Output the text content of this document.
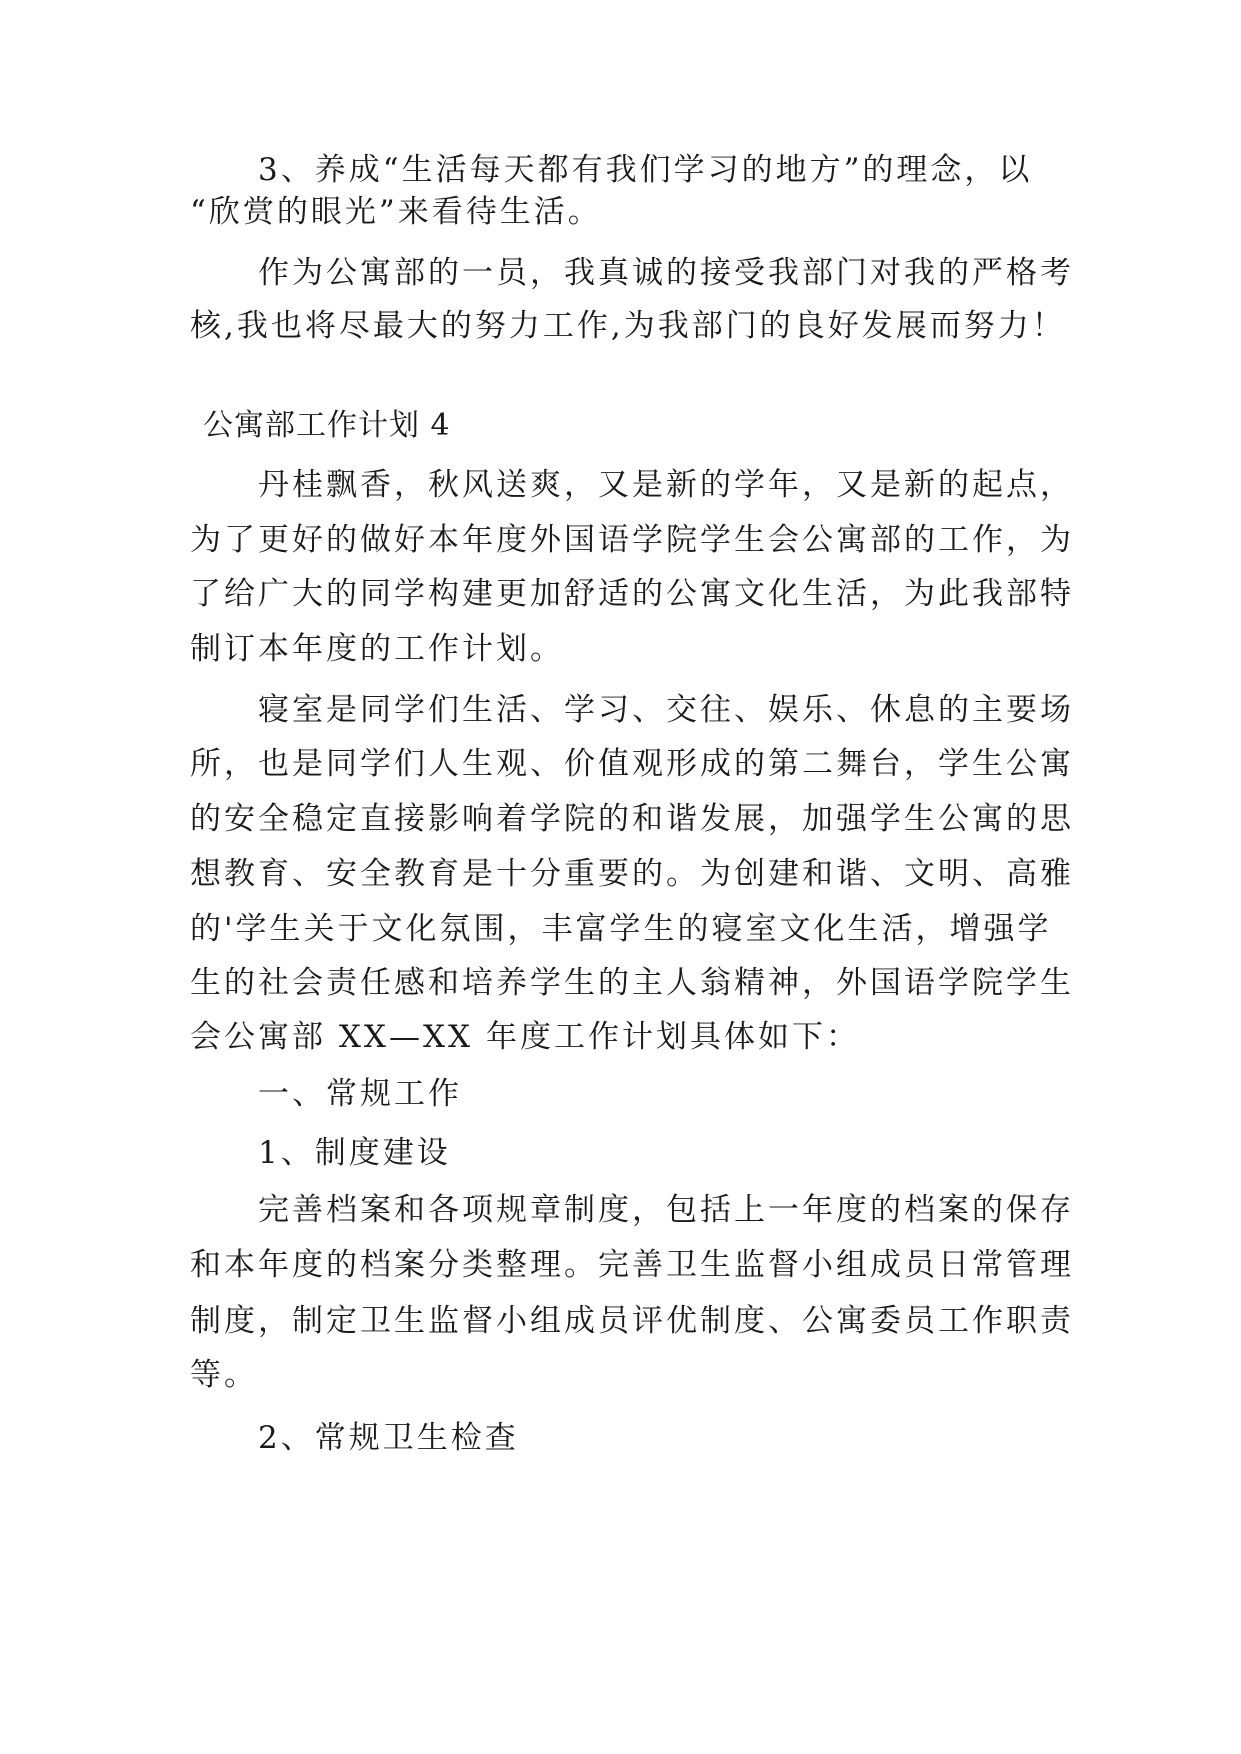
　　3、养成“生活每天都有我们学习的地方”的理念，以
“欣赏的眼光”来看待生活。
　　作为公寓部的一员，我真诚的接受我部门对我的严格考
核,我也将尽最大的努力工作,为我部门的良好发展而努力！
公寓部工作计划 4
　　丹桂飘香，秋风送爽，又是新的学年，又是新的起点，
为了更好的做好本年度外国语学院学生会公寓部的工作，为
了给广大的同学构建更加舒适的公寓文化生活，为此我部特
制订本年度的工作计划。
　　寝室是同学们生活、学习、交往、娱乐、休息的主要场
所，也是同学们人生观、价值观形成的第二舞台，学生公寓
的安全稳定直接影响着学院的和谐发展，加强学生公寓的思
想教育、安全教育是十分重要的。为创建和谐、文明、高雅
的'学生关于文化氛围，丰富学生的寝室文化生活，增强学
生的社会责任感和培养学生的主人翁精神，外国语学院学生
会公寓部 XX—XX 年度工作计划具体如下：
　　一、常规工作
　　1、制度建设
　　完善档案和各项规章制度，包括上一年度的档案的保存
和本年度的档案分类整理。完善卫生监督小组成员日常管理
制度，制定卫生监督小组成员评优制度、公寓委员工作职责
等。
　　2、常规卫生检查
